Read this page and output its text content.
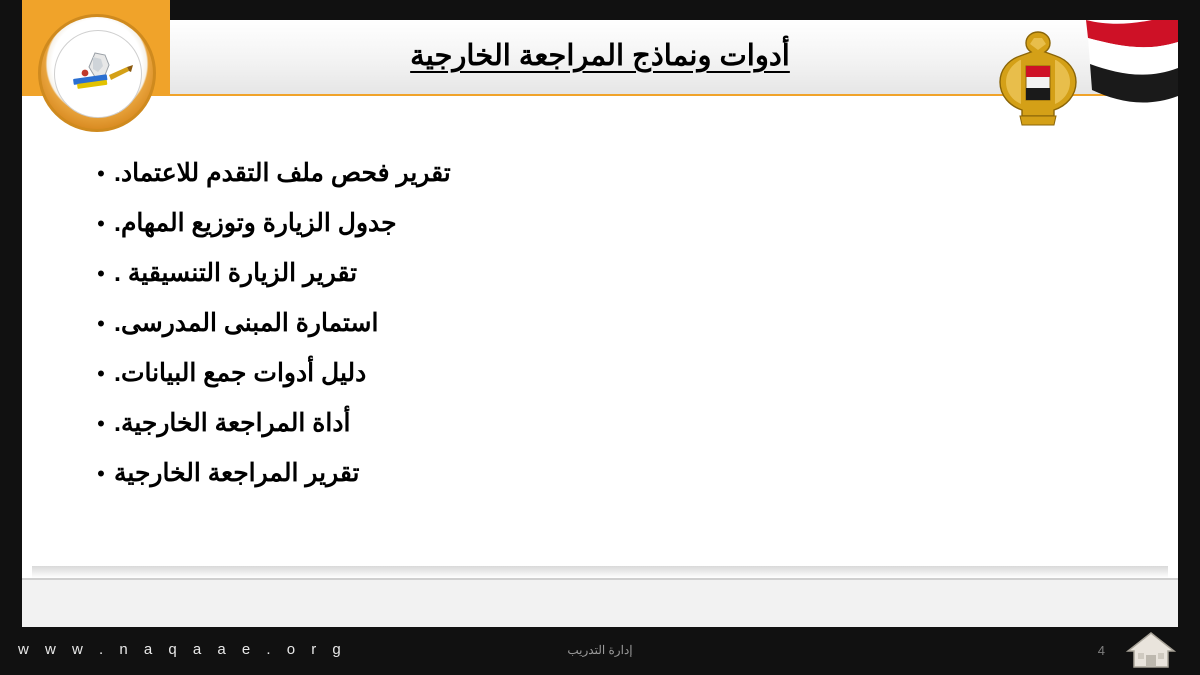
أدوات ونماذج المراجعة الخارجية
• تقرير فحص ملف التقدم للاعتماد.
• جدول الزيارة وتوزيع المهام.
• تقرير الزيارة التنسيقية .
• استمارة المبنى المدرسى.
• دليل أدوات جمع البيانات.
• أداة المراجعة الخارجية.
• تقرير المراجعة الخارجية
NAQAAE
w w w . n a q a a e . o r g	إدارة التدريب	4
